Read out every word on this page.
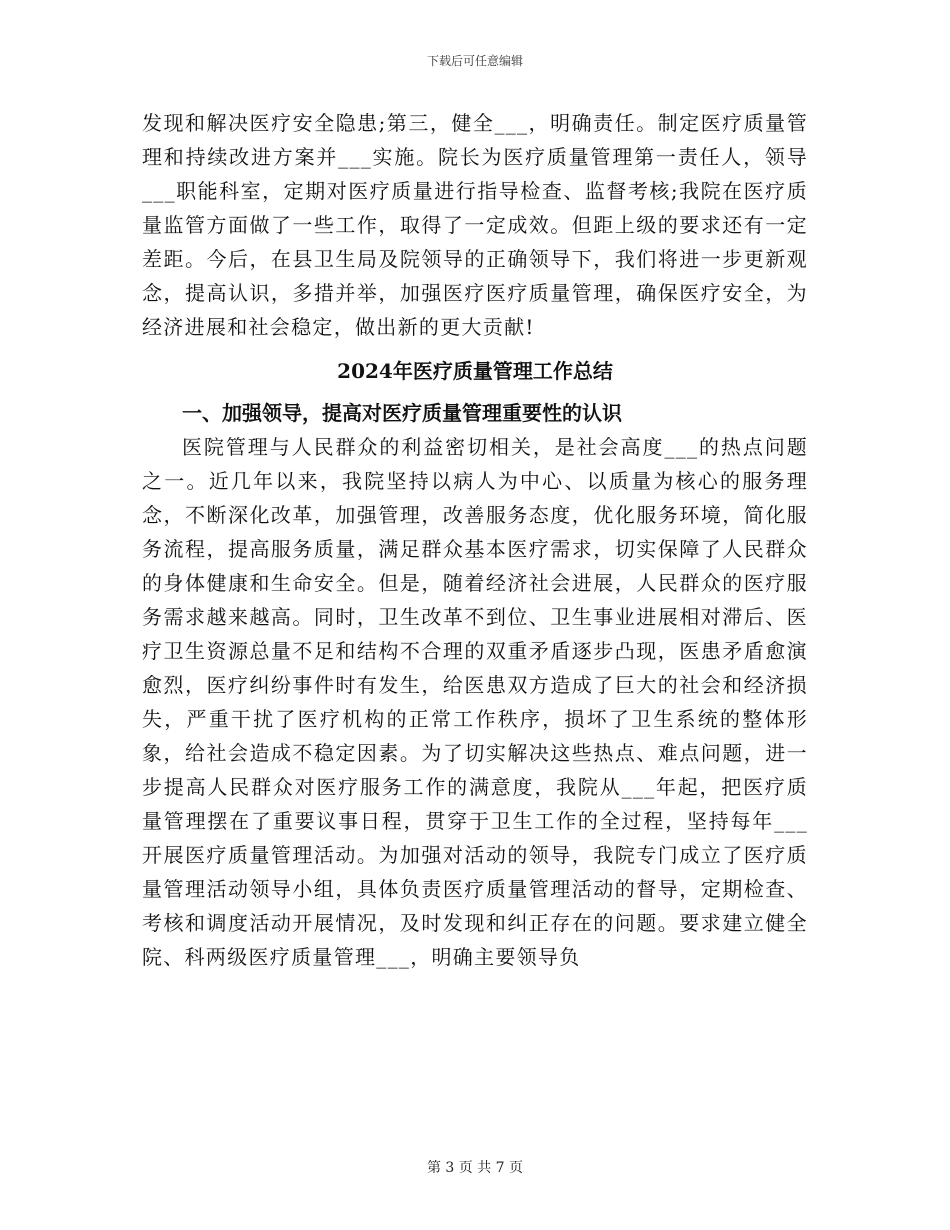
下载后可任意编辑

发现和解决医疗安全隐患;第三，健全___，明确责任。制定医疗质量管理和持续改进方案并___实施。院长为医疗质量管理第一责任人，领导___职能科室，定期对医疗质量进行指导检查、监督考核;我院在医疗质量监管方面做了一些工作，取得了一定成效。但距上级的要求还有一定差距。今后，在县卫生局及院领导的正确领导下，我们将进一步更新观念，提高认识，多措并举，加强医疗医疗质量管理，确保医疗安全，为经济进展和社会稳定，做出新的更大贡献!

2024年医疗质量管理工作总结

一、加强领导，提高对医疗质量管理重要性的认识

医院管理与人民群众的利益密切相关，是社会高度___的热点问题之一。近几年以来，我院坚持以病人为中心、以质量为核心的服务理念，不断深化改革，加强管理，改善服务态度，优化服务环境，简化服务流程，提高服务质量，满足群众基本医疗需求，切实保障了人民群众的身体健康和生命安全。但是，随着经济社会进展，人民群众的医疗服务需求越来越高。同时，卫生改革不到位、卫生事业进展相对滞后、医疗卫生资源总量不足和结构不合理的双重矛盾逐步凸现，医患矛盾愈演愈烈，医疗纠纷事件时有发生，给医患双方造成了巨大的社会和经济损失，严重干扰了医疗机构的正常工作秩序，损坏了卫生系统的整体形象，给社会造成不稳定因素。为了切实解决这些热点、难点问题，进一步提高人民群众对医疗服务工作的满意度，我院从___年起，把医疗质量管理摆在了重要议事日程，贯穿于卫生工作的全过程，坚持每年___开展医疗质量管理活动。为加强对活动的领导，我院专门成立了医疗质量管理活动领导小组，具体负责医疗质量管理活动的督导，定期检查、考核和调度活动开展情况，及时发现和纠正存在的问题。要求建立健全院、科两级医疗质量管理___，明确主要领导负

第 3 页 共 7 页
